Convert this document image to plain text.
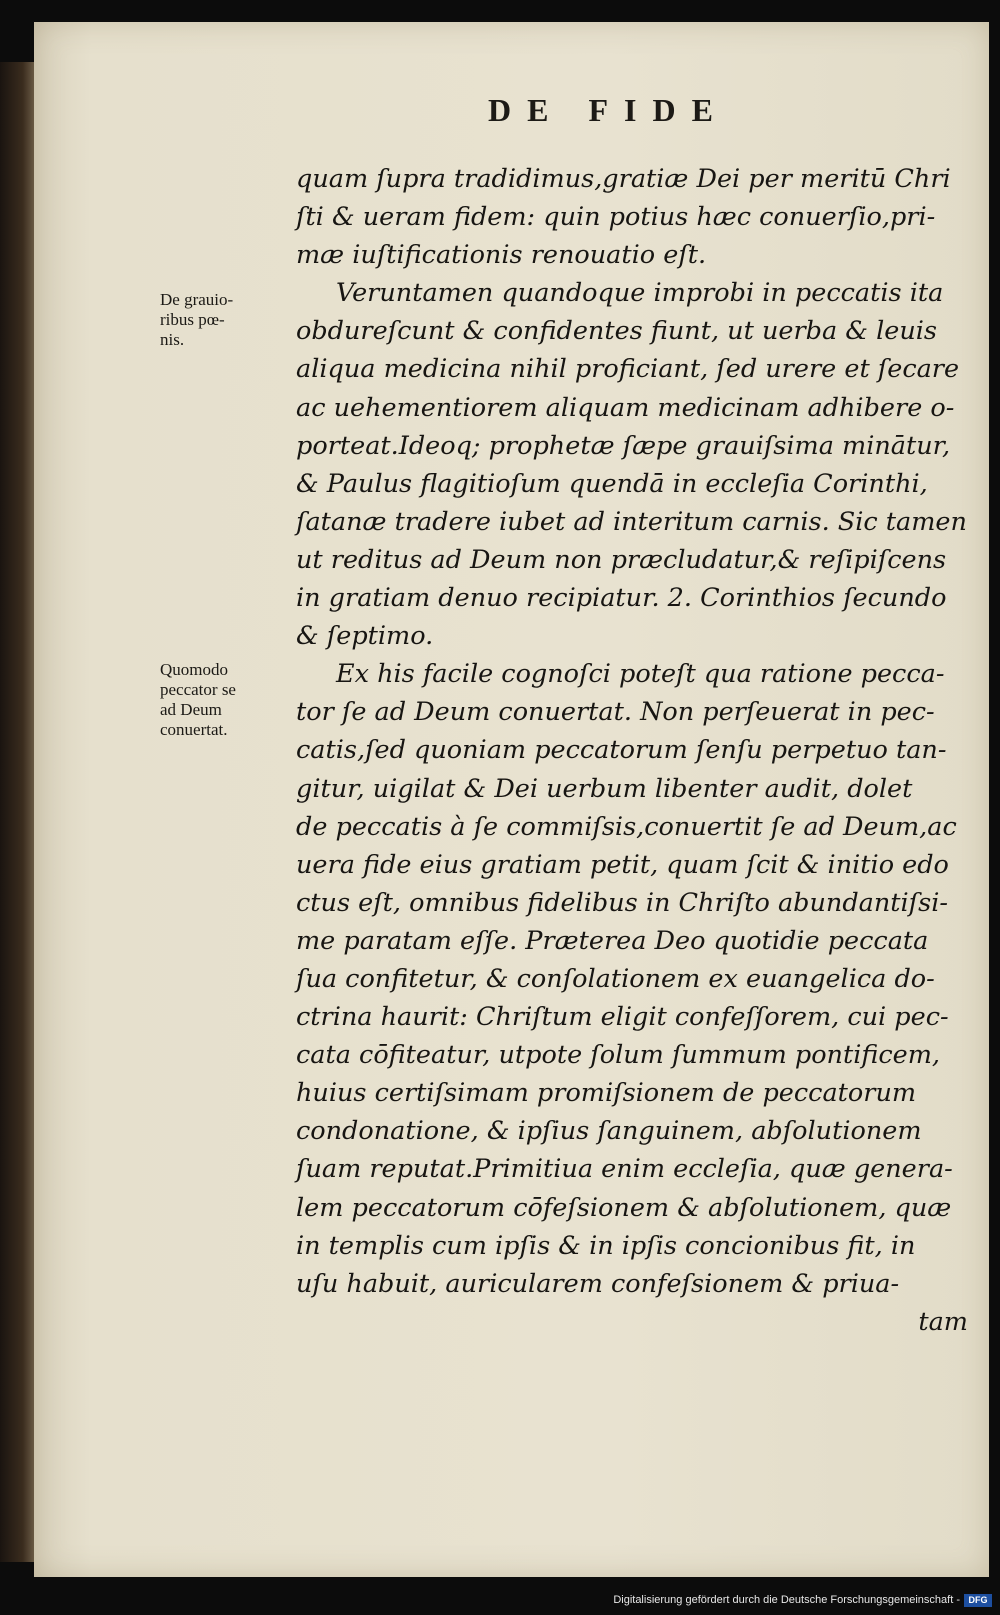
DE FIDE
De grauio-
ribus pœ-
nis.
Quomodo
peccator se
ad Deum
conuertat.
quam ſupra tradidimus,gratiæ Dei per meritū Chri
ſti & ueram fidem: quin potius hæc conuerſio,pri-
mæ iuſtificationis renouatio eſt.
Veruntamen quandoque improbi in peccatis ita
obdureſcunt & confidentes fiunt, ut uerba & leuis
aliqua medicina nihil proficiant, ſed urere et ſecare
ac uehementiorem aliquam medicinam adhibere o-
porteat.Ideoq; prophetæ ſæpe grauiſsima minātur,
& Paulus flagitioſum quendā in eccleſia Corinthi,
ſatanæ tradere iubet ad interitum carnis. Sic tamen
ut reditus ad Deum non præcludatur,& reſipiſcens
in gratiam denuo recipiatur. 2. Corinthios ſecundo
& ſeptimo.
Ex his facile cognoſci poteſt qua ratione pecca-
tor ſe ad Deum conuertat. Non perſeuerat in pec-
catis,ſed quoniam peccatorum ſenſu perpetuo tan-
gitur, uigilat & Dei uerbum libenter audit, dolet
de peccatis à ſe commiſsis,conuertit ſe ad Deum,ac
uera fide eius gratiam petit, quam ſcit & initio edo
ctus eſt, omnibus fidelibus in Chriſto abundantiſsi-
me paratam eſſe. Præterea Deo quotidie peccata
ſua confitetur, & conſolationem ex euangelica do-
ctrina haurit: Chriſtum eligit confeſſorem, cui pec-
cata cōfiteatur, utpote ſolum ſummum pontificem,
huius certiſsimam promiſsionem de peccatorum
condonatione, & ipſius ſanguinem, abſolutionem
ſuam reputat.Primitiua enim eccleſia, quæ genera-
lem peccatorum cōfeſsionem & abſolutionem, quæ
in templis cum ipſis & in ipſis concionibus fit, in
uſu habuit, auricularem confeſsionem & priua-
tam
Digitalisierung gefördert durch die Deutsche Forschungsgemeinschaft - DFG
